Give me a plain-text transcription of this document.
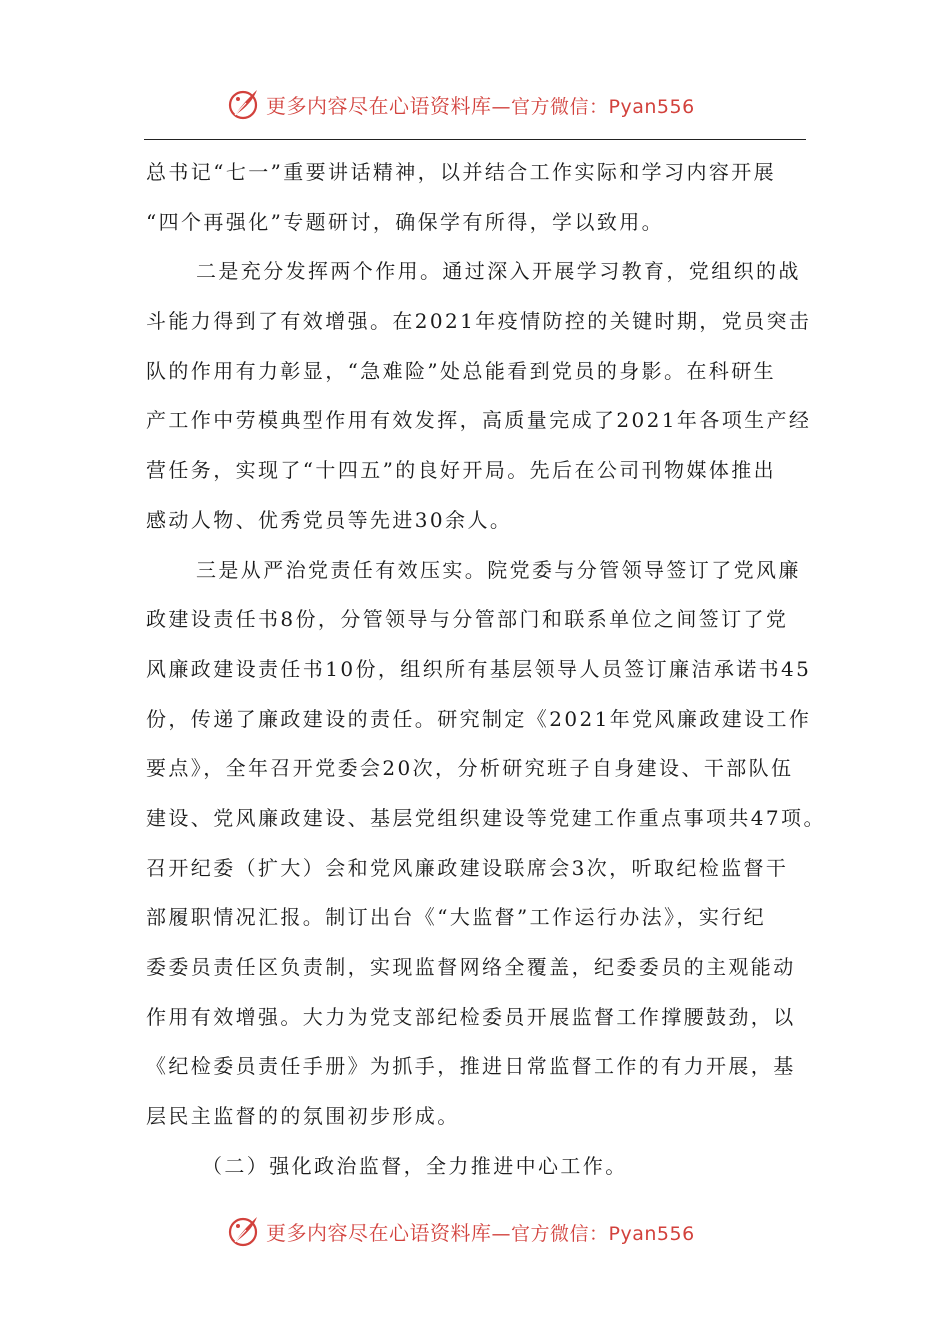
更多内容尽在心语资料库—官方微信：Pyan556
总书记“七一”重要讲话精神，以并结合工作实际和学习内容开展
“四个再强化”专题研讨，确保学有所得，学以致用。
二是充分发挥两个作用。通过深入开展学习教育，党组织的战
斗能力得到了有效增强。在2021年疫情防控的关键时期，党员突击
队的作用有力彰显，“急难险”处总能看到党员的身影。在科研生
产工作中劳模典型作用有效发挥，高质量完成了2021年各项生产经
营任务，实现了“十四五”的良好开局。先后在公司刊物媒体推出
感动人物、优秀党员等先进30余人。
三是从严治党责任有效压实。院党委与分管领导签订了党风廉
政建设责任书8份，分管领导与分管部门和联系单位之间签订了党
风廉政建设责任书10份，组织所有基层领导人员签订廉洁承诺书45
份，传递了廉政建设的责任。研究制定《2021年党风廉政建设工作
要点》，全年召开党委会20次，分析研究班子自身建设、干部队伍
建设、党风廉政建设、基层党组织建设等党建工作重点事项共47项。
召开纪委（扩大）会和党风廉政建设联席会3次，听取纪检监督干
部履职情况汇报。制订出台《“大监督”工作运行办法》，实行纪
委委员责任区负责制，实现监督网络全覆盖，纪委委员的主观能动
作用有效增强。大力为党支部纪检委员开展监督工作撑腰鼓劲，以
《纪检委员责任手册》为抓手，推进日常监督工作的有力开展，基
层民主监督的的氛围初步形成。
（二）强化政治监督，全力推进中心工作。
更多内容尽在心语资料库—官方微信：Pyan556
